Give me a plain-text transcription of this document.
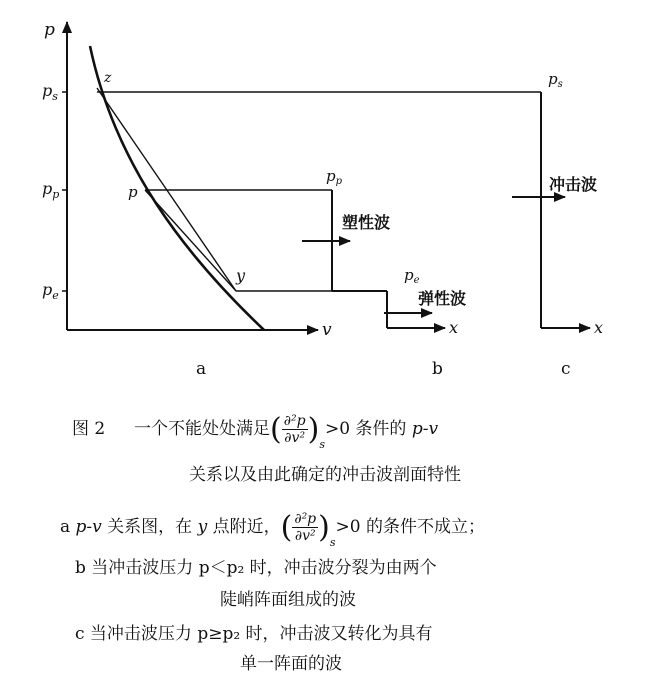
p
v
$p_s$
$p_p$
$p_e$
z
p
y
a
$p_p$
$p_e$
塑性波
弹性波
x
b
$p_s$
冲击波
x
c
图 2 一个不能处处满足( $\frac{\text{∂²p}}{\text{∂v²}} )_s>0$ 条件的 p-v
关系以及由此确定的冲击波剖面特性
a p-v 关系图，在 y 点附近，( $\frac{\text{∂²p}}{\text{∂v²}} )_s>0$ 的条件不成立；
b 当冲击波压力 p＜p₂ 时，冲击波分裂为由两个
陡峭阵面组成的波
c 当冲击波压力 p≥p₂ 时，冲击波又转化为具有
单一阵面的波
